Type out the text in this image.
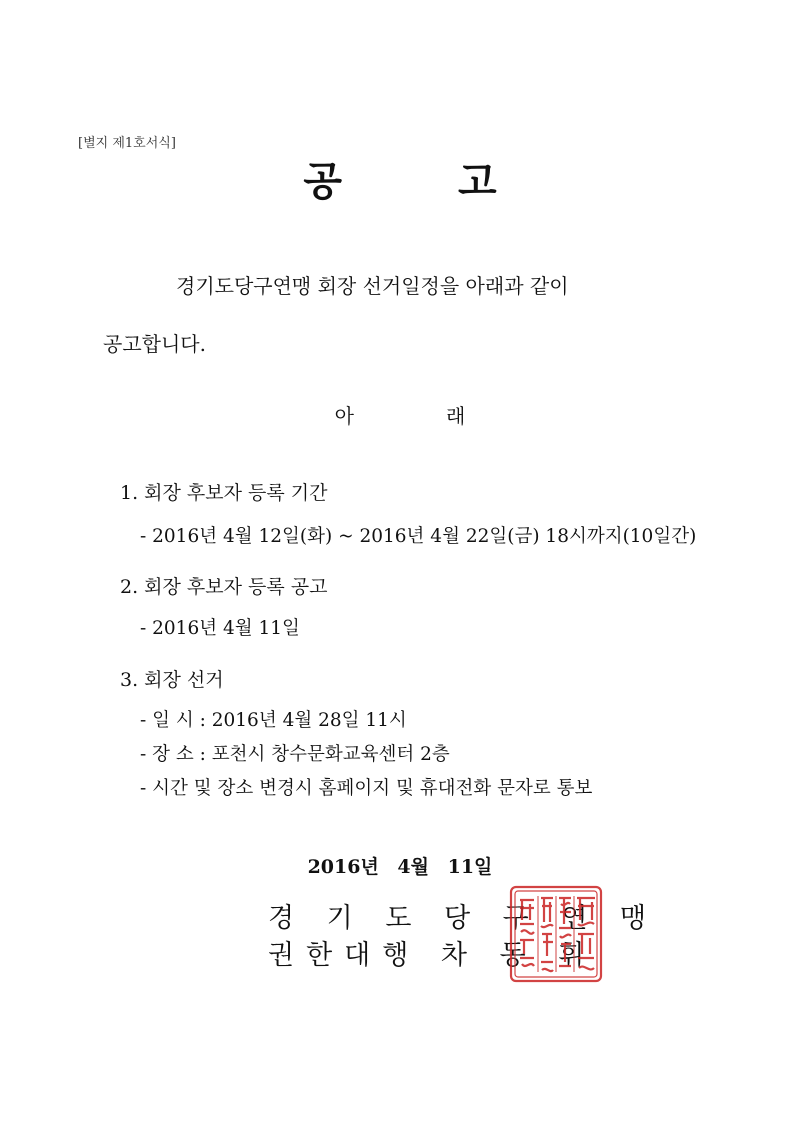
[별지 제1호서식]
공	고
경기도당구연맹 회장 선거일정을 아래과 같이
공고합니다.
아	래
1. 회장 후보자 등록 기간
- 2016년 4월 12일(화) ~ 2016년 4월 22일(금) 18시까지(10일간)
2. 회장 후보자 등록 공고
- 2016년 4월 11일
3. 회장 선거
- 일 시 : 2016년 4월 28일 11시
- 장 소 : 포천시 창수문화교육센터 2층
- 시간 및 장소 변경시 홈페이지 및 휴대전화 문자로 통보
2016년 4월 11일
경 기 도 당 구 연 맹
권한대행 차 동 휘
